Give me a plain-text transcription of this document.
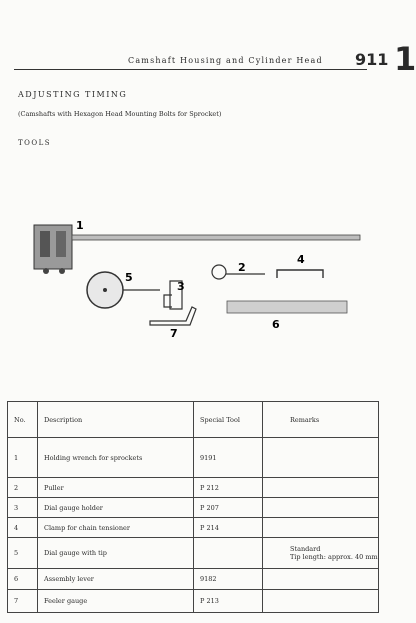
Camshaft Housing and Cylinder Head 911 1
ADJUSTING TIMING
(Camshafts with Hexagon Head Mounting Bolts for Sprocket)
TOOLS
1
2
3
4
5
6
7
No.	Description	Special Tool	Remarks
1	Holding wrench for sprockets	9191	
2	Puller	P 212	
3	Dial gauge holder	P 207	
4	Clamp for chain tensioner	P 214	
5	Dial gauge with tip		Standard
Tip length: approx. 40 mm

6	Assembly lever	9182	
7	Feeler gauge	P 213	
